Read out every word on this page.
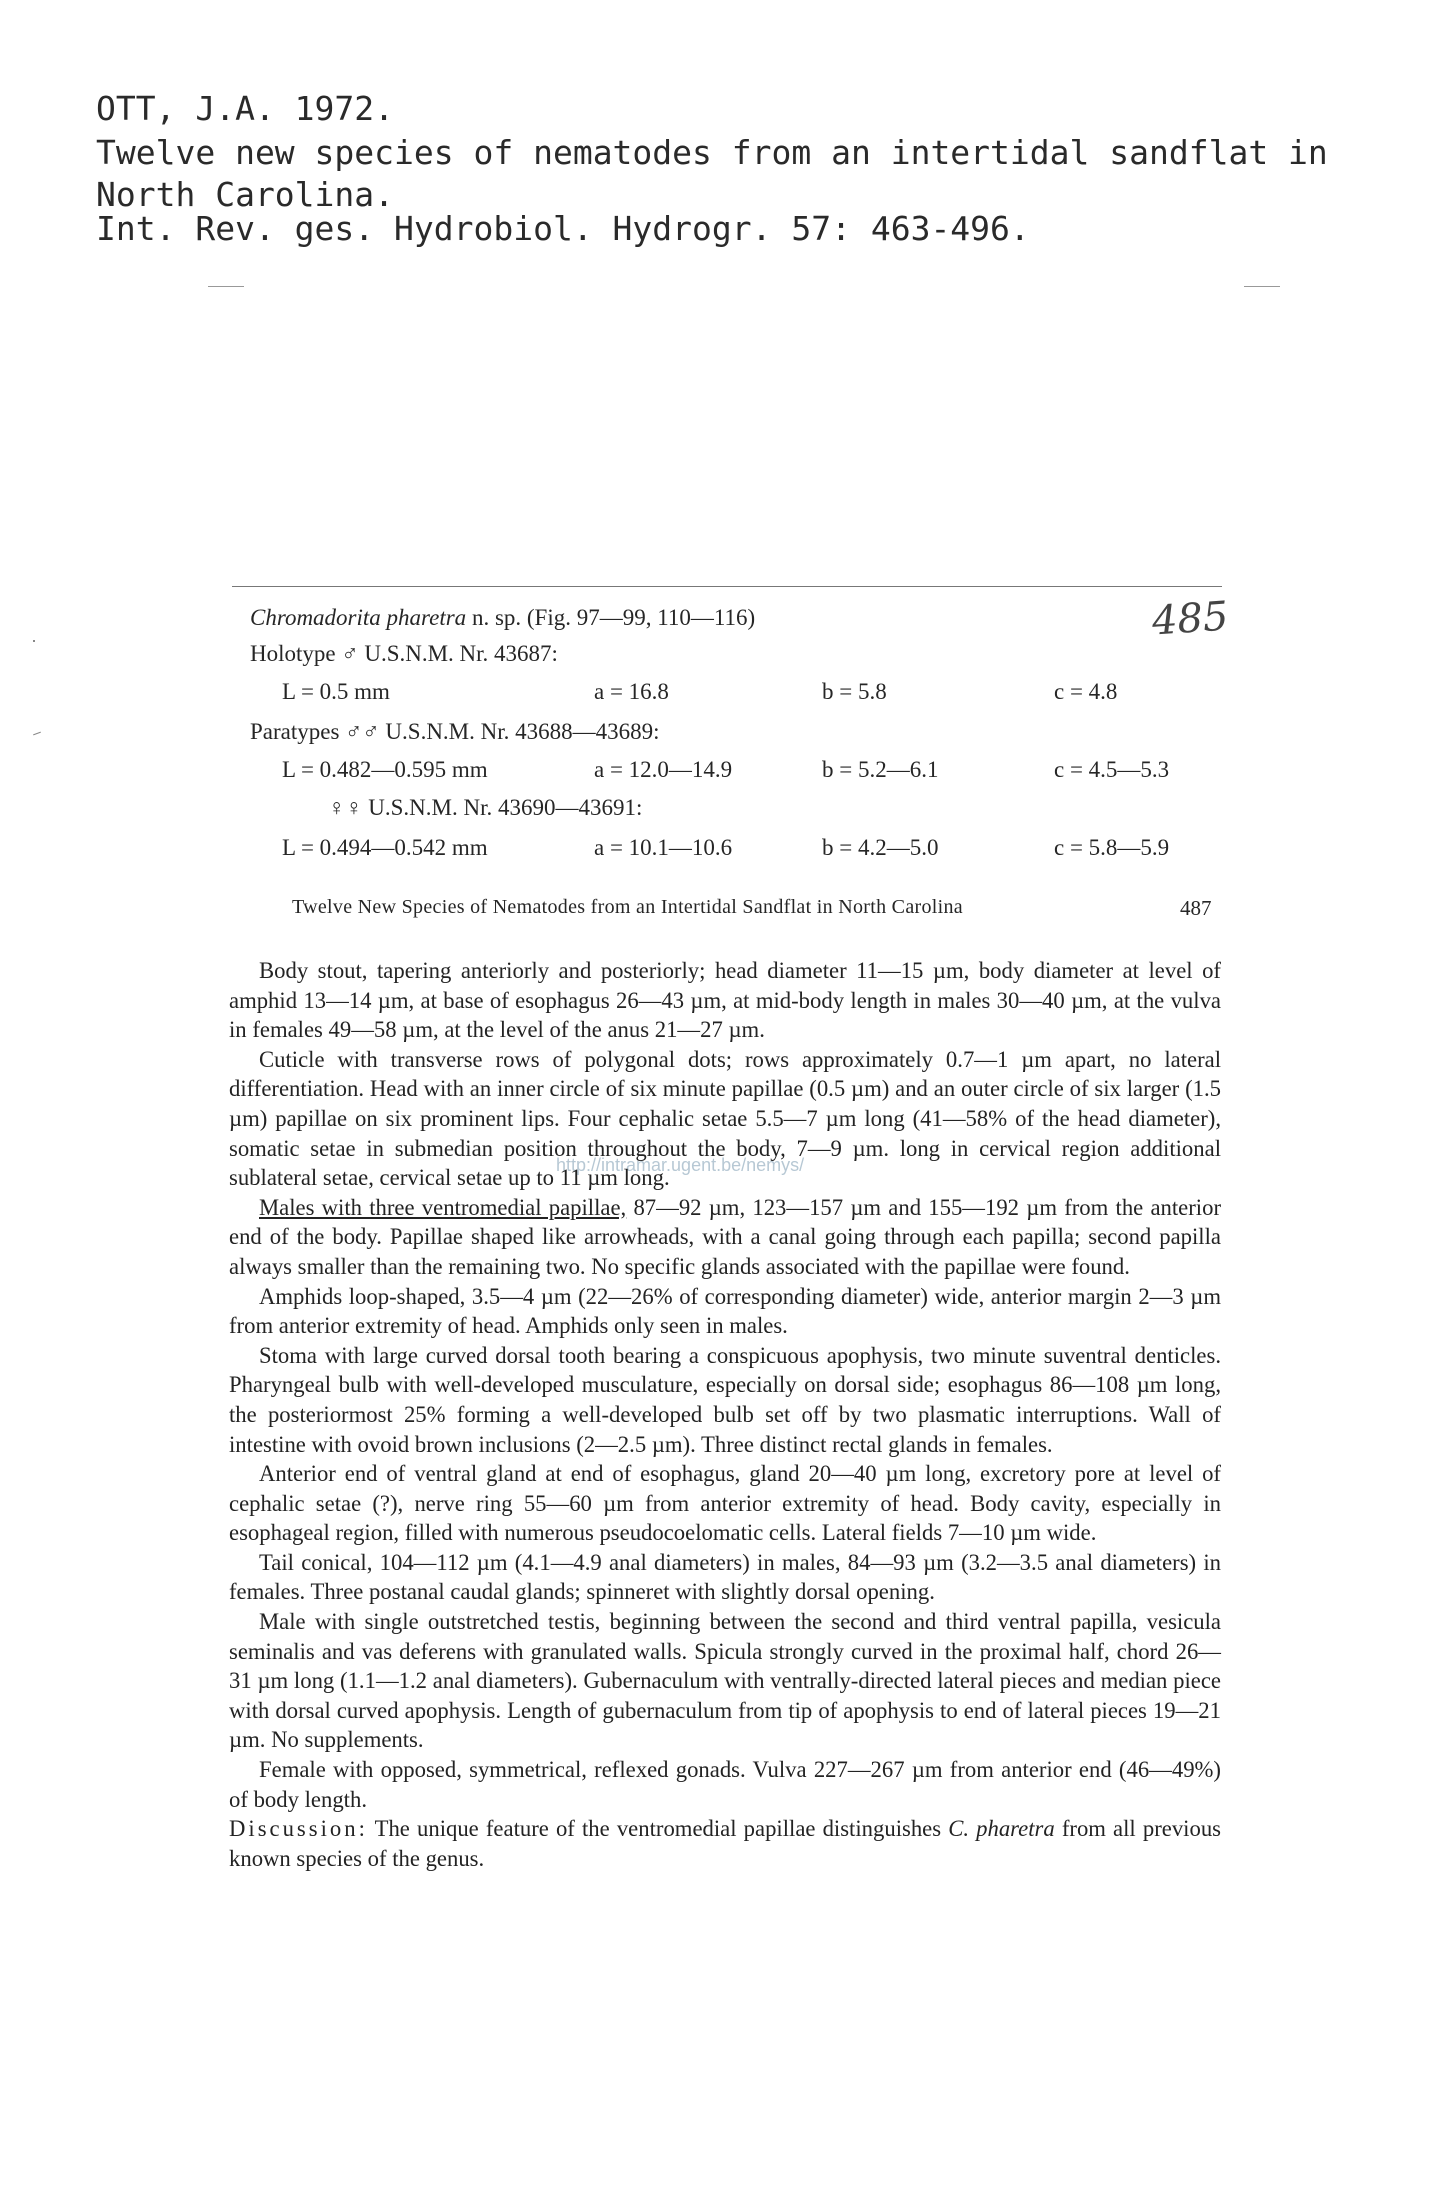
OTT, J.A. 1972.
Twelve new species of nematodes from an intertidal sandflat in North Carolina.
Int. Rev. ges. Hydrobiol. Hydrogr. 57: 463-496.
Chromadorita pharetra n. sp. (Fig. 97—99, 110—116)	485
Holotype ♂ U.S.N.M. Nr. 43687:
L = 0.5 mm	a = 16.8	b = 5.8	c = 4.8
Paratypes ♂♂ U.S.N.M. Nr. 43688—43689:
L = 0.482—0.595 mm	a = 12.0—14.9	b = 5.2—6.1	c = 4.5—5.3
♀♀ U.S.N.M. Nr. 43690—43691:
L = 0.494—0.542 mm	a = 10.1—10.6	b = 4.2—5.0	c = 5.8—5.9
Twelve New Species of Nematodes from an Intertidal Sandflat in North Carolina	487
http://intramar.ugent.be/nemys/

Body stout, tapering anteriorly and posteriorly; head diameter 11—15 µm, body diameter at level of amphid 13—14 µm, at base of esophagus 26—43 µm, at mid-body length in males 30—40 µm, at the vulva in females 49—58 µm, at the level of the anus 21—27 µm.

Cuticle with transverse rows of polygonal dots; rows approximately 0.7—1 µm apart, no lateral differentiation. Head with an inner circle of six minute papillae (0.5 µm) and an outer circle of six larger (1.5 µm) papillae on six prominent lips. Four cephalic setae 5.5—7 µm long (41—58% of the head diameter), somatic setae in submedian position throughout the body, 7—9 µm. long in cervical region additional sublateral setae, cervical setae up to 11 µm long.

Males with three ventromedial papillae, 87—92 µm, 123—157 µm and 155—192 µm from the anterior end of the body. Papillae shaped like arrowheads, with a canal going through each papilla; second papilla always smaller than the remaining two. No specific glands associated with the papillae were found.

Amphids loop-shaped, 3.5—4 µm (22—26% of corresponding diameter) wide, anterior margin 2—3 µm from anterior extremity of head. Amphids only seen in males.

Stoma with large curved dorsal tooth bearing a conspicuous apophysis, two minute suventral denticles. Pharyngeal bulb with well-developed musculature, especially on dorsal side; esophagus 86—108 µm long, the posteriormost 25% forming a well-developed bulb set off by two plasmatic interruptions. Wall of intestine with ovoid brown inclusions (2—2.5 µm). Three distinct rectal glands in females.

Anterior end of ventral gland at end of esophagus, gland 20—40 µm long, excretory pore at level of cephalic setae (?), nerve ring 55—60 µm from anterior extremity of head. Body cavity, especially in esophageal region, filled with numerous pseudocoelomatic cells. Lateral fields 7—10 µm wide.

Tail conical, 104—112 µm (4.1—4.9 anal diameters) in males, 84—93 µm (3.2—3.5 anal diameters) in females. Three postanal caudal glands; spinneret with slightly dorsal opening.

Male with single outstretched testis, beginning between the second and third ventral papilla, vesicula seminalis and vas deferens with granulated walls. Spicula strongly curved in the proximal half, chord 26—31 µm long (1.1—1.2 anal diameters). Gubernaculum with ventrally-directed lateral pieces and median piece with dorsal curved apophysis. Length of gubernaculum from tip of apophysis to end of lateral pieces 19—21 µm. No supplements.

Female with opposed, symmetrical, reflexed gonads. Vulva 227—267 µm from anterior end (46—49%) of body length.

Discussion: The unique feature of the ventromedial papillae distinguishes C. pharetra from all previous known species of the genus.
